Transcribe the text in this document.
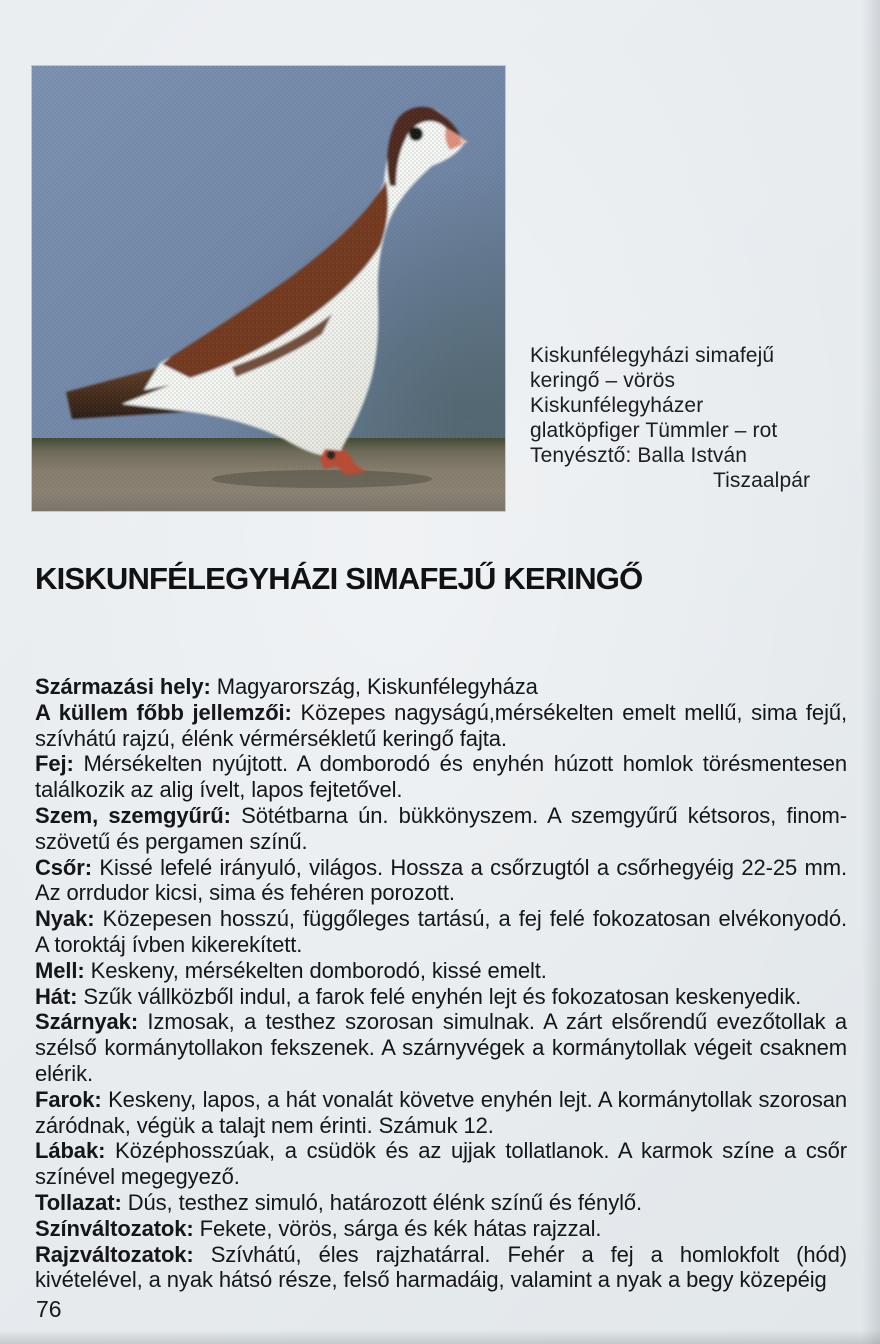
Kiskunfélegyházi simafejű
keringő – vörös
Kiskunfélegyházer
glatköpfiger Tümmler – rot
Tenyésztő: Balla István
Tiszaalpár
KISKUNFÉLEGYHÁZI SIMAFEJŰ KERINGŐ

Származási hely: Magyarország, Kiskunfélegyháza

A küllem főbb jellemzői: Közepes nagyságú,mérsékelten emelt mellű, sima fejű, szívhátú rajzú, élénk vérmérsékletű keringő fajta.

Fej: Mérsékelten nyújtott. A domborodó és enyhén húzott homlok törésmentesen találkozik az alig ívelt, lapos fejtetővel.

Szem, szemgyűrű: Sötétbarna ún. bükkönyszem. A szemgyűrű kétsoros, finom-szövetű és pergamen színű.

Csőr: Kissé lefelé irányuló, világos. Hossza a csőrzugtól a csőrhegyéig 22-25 mm. Az orrdudor kicsi, sima és fehéren porozott.

Nyak: Közepesen hosszú, függőleges tartású, a fej felé fokozatosan elvékonyodó. A toroktáj ívben kikerekített.

Mell: Keskeny, mérsékelten domborodó, kissé emelt.

Hát: Szűk vállközből indul, a farok felé enyhén lejt és fokozatosan keskenyedik.

Szárnyak: Izmosak, a testhez szorosan simulnak. A zárt elsőrendű evezőtollak a szélső kormánytollakon fekszenek. A szárnyvégek a kormánytollak végeit csaknem elérik.

Farok: Keskeny, lapos, a hát vonalát követve enyhén lejt. A kormánytollak szorosan záródnak, végük a talajt nem érinti. Számuk 12.

Lábak: Középhosszúak, a csüdök és az ujjak tollatlanok. A karmok színe a csőr színével megegyező.

Tollazat: Dús, testhez simuló, határozott élénk színű és fénylő.

Színváltozatok: Fekete, vörös, sárga és kék hátas rajzzal.

Rajzváltozatok: Szívhátú, éles rajzhatárral. Fehér a fej a homlokfolt (hód) kivételével, a nyak hátsó része, felső harmadáig, valamint a nyak a begy közepéig

76
